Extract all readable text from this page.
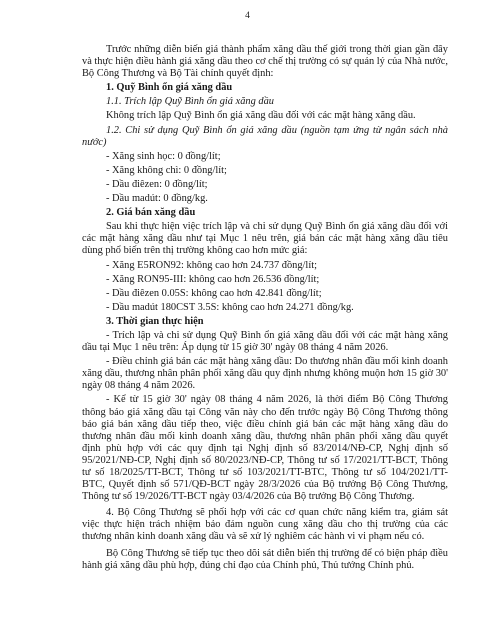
4

Trước những diễn biến giá thành phẩm xăng dầu thế giới trong thời gian gần đây và thực hiện điều hành giá xăng dầu theo cơ chế thị trường có sự quản lý của Nhà nước, Bộ Công Thương và Bộ Tài chính quyết định:

1. Quỹ Bình ổn giá xăng dầu

1.1. Trích lập Quỹ Bình ổn giá xăng dầu

Không trích lập Quỹ Bình ổn giá xăng dầu đối với các mặt hàng xăng dầu.

1.2. Chi sử dụng Quỹ Bình ổn giá xăng dầu (nguồn tạm ứng từ ngân sách nhà nước)

- Xăng sinh học: 0 đồng/lít;

- Xăng không chì: 0 đồng/lít;

- Dầu điêzen: 0 đồng/lít;

- Dầu madút: 0 đồng/kg.

2. Giá bán xăng dầu

Sau khi thực hiện việc trích lập và chi sử dụng Quỹ Bình ổn giá xăng dầu đối với các mặt hàng xăng dầu như tại Mục 1 nêu trên, giá bán các mặt hàng xăng dầu tiêu dùng phổ biến trên thị trường không cao hơn mức giá:

- Xăng E5RON92: không cao hơn 24.737 đồng/lít;

- Xăng RON95-III: không cao hơn 26.536 đồng/lít;

- Dầu điêzen 0.05S: không cao hơn 42.841 đồng/lít;

- Dầu madút 180CST 3.5S: không cao hơn 24.271 đồng/kg.

3. Thời gian thực hiện

- Trích lập và chi sử dụng Quỹ Bình ổn giá xăng dầu đối với các mặt hàng xăng dầu tại Mục 1 nêu trên: Áp dụng từ 15 giờ 30' ngày 08 tháng 4 năm 2026.

- Điều chỉnh giá bán các mặt hàng xăng dầu: Do thương nhân đầu mối kinh doanh xăng dầu, thương nhân phân phối xăng dầu quy định nhưng không muộn hơn 15 giờ 30' ngày 08 tháng 4 năm 2026.

- Kể từ 15 giờ 30' ngày 08 tháng 4 năm 2026, là thời điểm Bộ Công Thương thông báo giá xăng dầu tại Công văn này cho đến trước ngày Bộ Công Thương thông báo giá bán xăng dầu tiếp theo, việc điều chỉnh giá bán các mặt hàng xăng dầu do thương nhân đầu mối kinh doanh xăng dầu, thương nhân phân phối xăng dầu quyết định phù hợp với các quy định tại Nghị định số 83/2014/NĐ-CP, Nghị định số 95/2021/NĐ-CP, Nghị định số 80/2023/NĐ-CP, Thông tư số 17/2021/TT-BCT, Thông tư số 18/2025/TT-BCT, Thông tư số 103/2021/TT-BTC, Thông tư số 104/2021/TT-BTC, Quyết định số 571/QĐ-BCT ngày 28/3/2026 của Bộ trưởng Bộ Công Thương, Thông tư số 19/2026/TT-BCT ngày 03/4/2026 của Bộ trưởng Bộ Công Thương.

4. Bộ Công Thương sẽ phối hợp với các cơ quan chức năng kiểm tra, giám sát việc thực hiện trách nhiệm bảo đảm nguồn cung xăng dầu cho thị trường của các thương nhân kinh doanh xăng dầu và sẽ xử lý nghiêm các hành vi vi phạm nếu có.

Bộ Công Thương sẽ tiếp tục theo dõi sát diễn biến thị trường để có biện pháp điều hành giá xăng dầu phù hợp, đúng chỉ đạo của Chính phủ, Thủ tướng Chính phủ.
